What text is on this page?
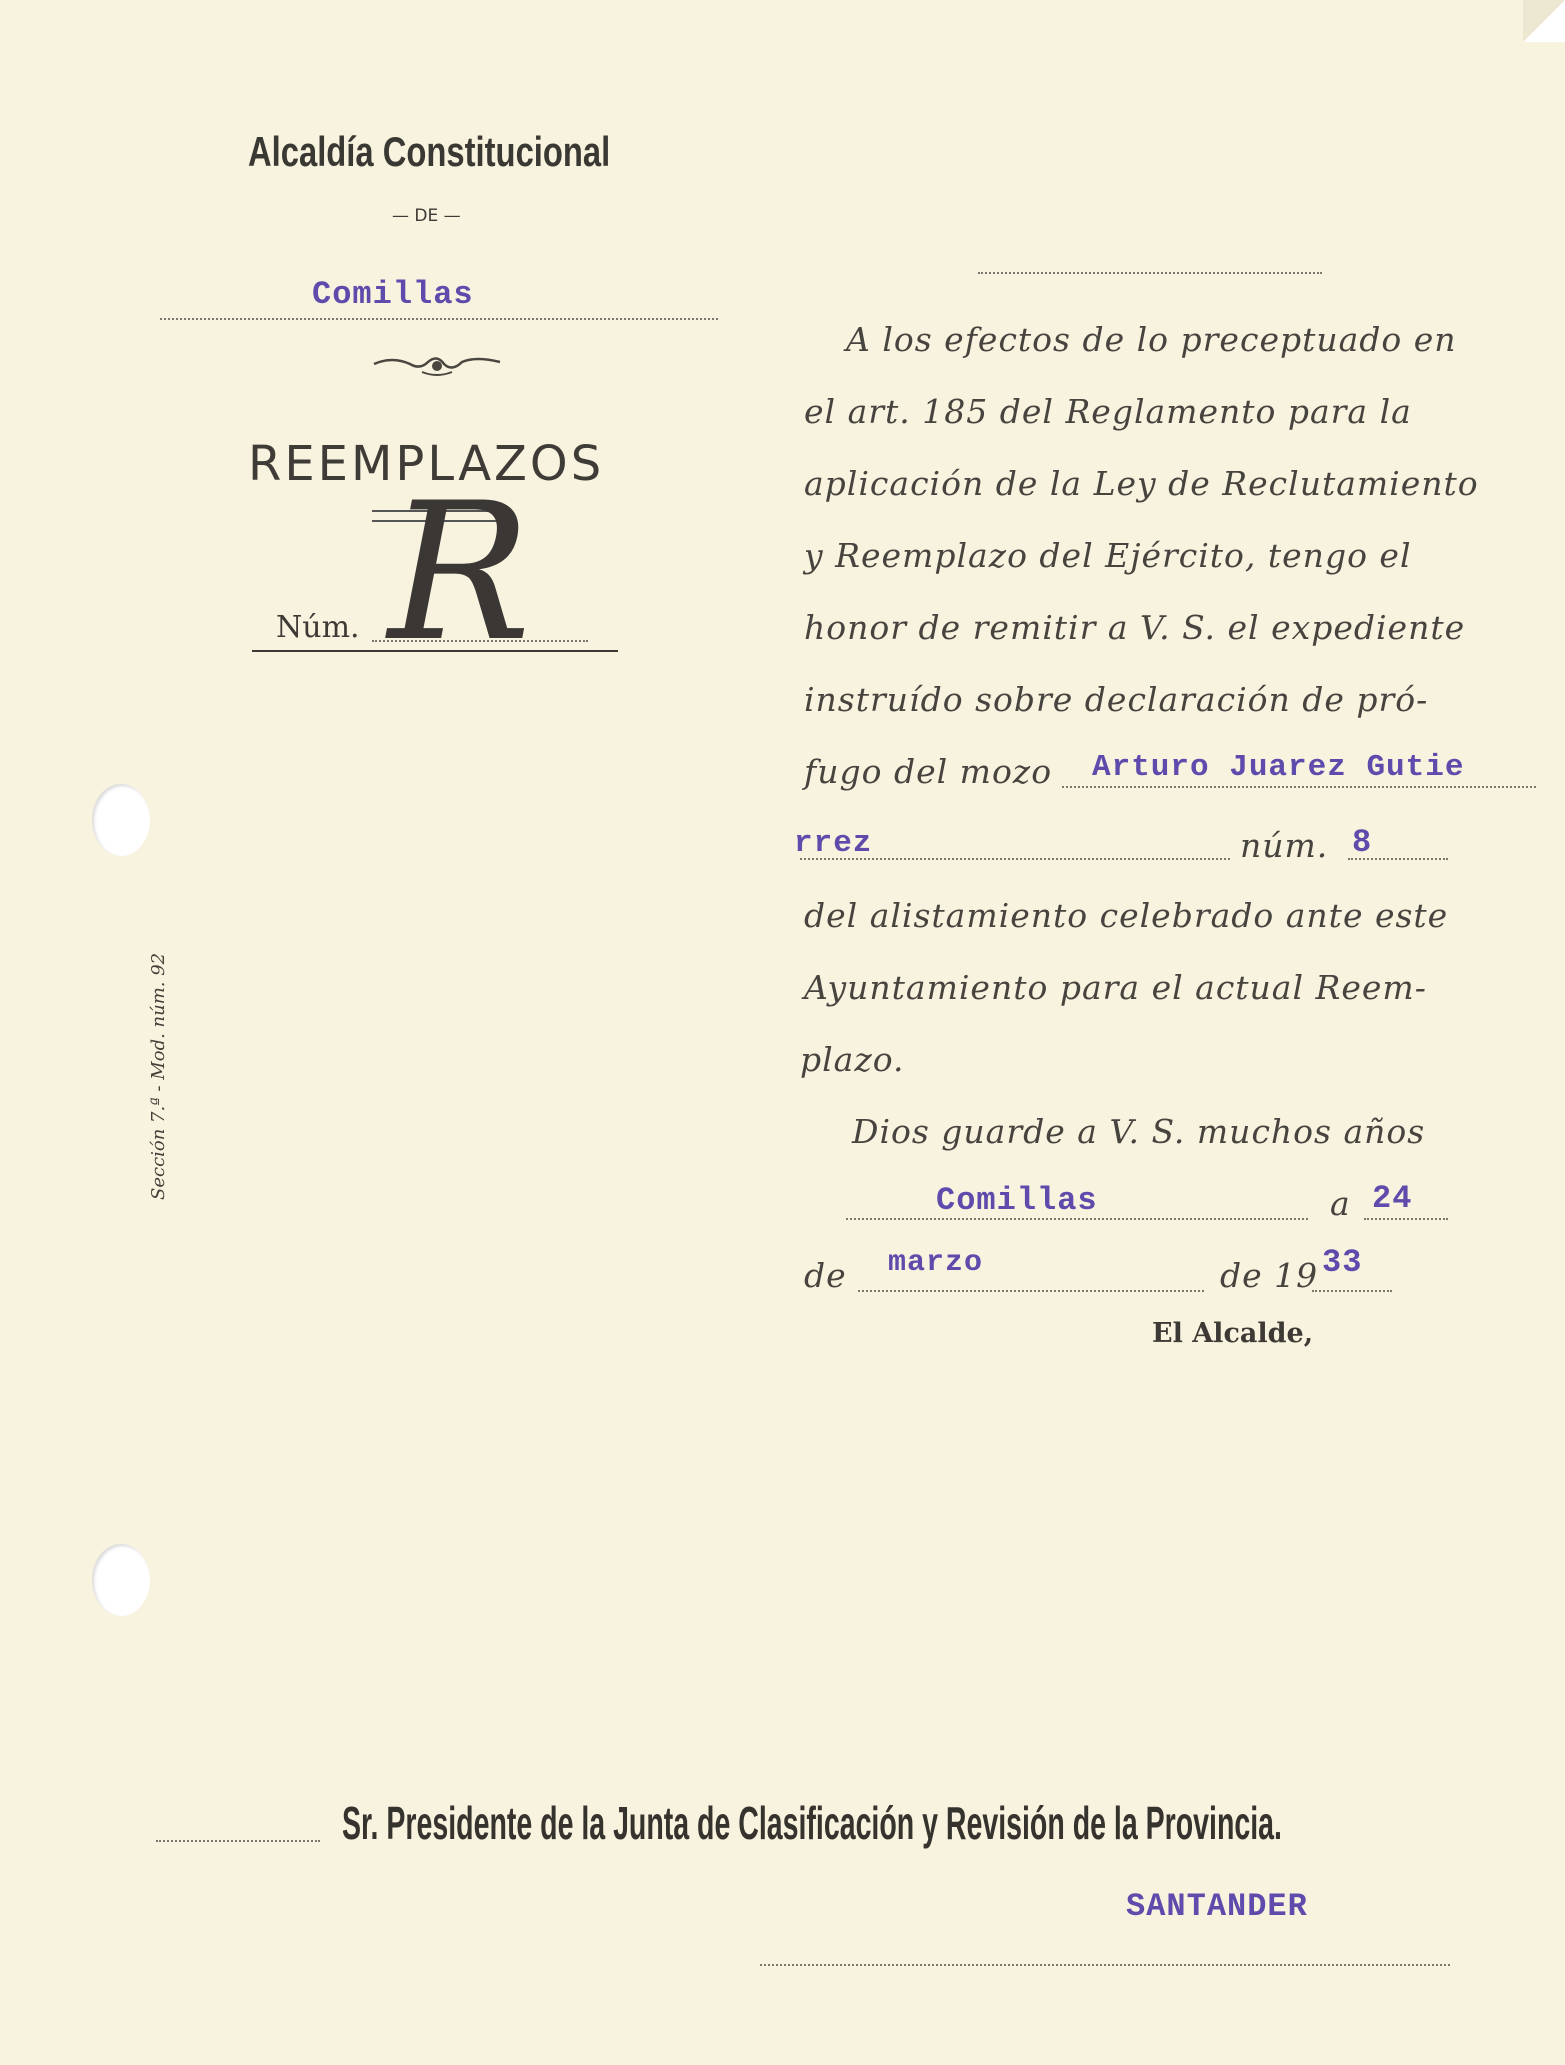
Alcaldía Constitucional
— DE —
Comillas
REEMPLAZOS
Núm. R
Sección 7.ª - Mod. núm. 92
A los efectos de lo preceptuado en
el art. 185 del Reglamento para la
aplicación de la Ley de Reclutamiento
y Reemplazo del Ejército, tengo el
honor de remitir a V. S. el expediente
instruído sobre declaración de pró-
fugo del mozo Arturo Juarez Gutie
rrez	núm. 8
del alistamiento celebrado ante este
Ayuntamiento para el actual Reem-
plazo.
Dios guarde a V. S. muchos años
Comillas	a 24
de marzo	de 19 33
El Alcalde,
Sr. Presidente de la Junta de Clasificación y Revisión de la Provincia.
SANTANDER
